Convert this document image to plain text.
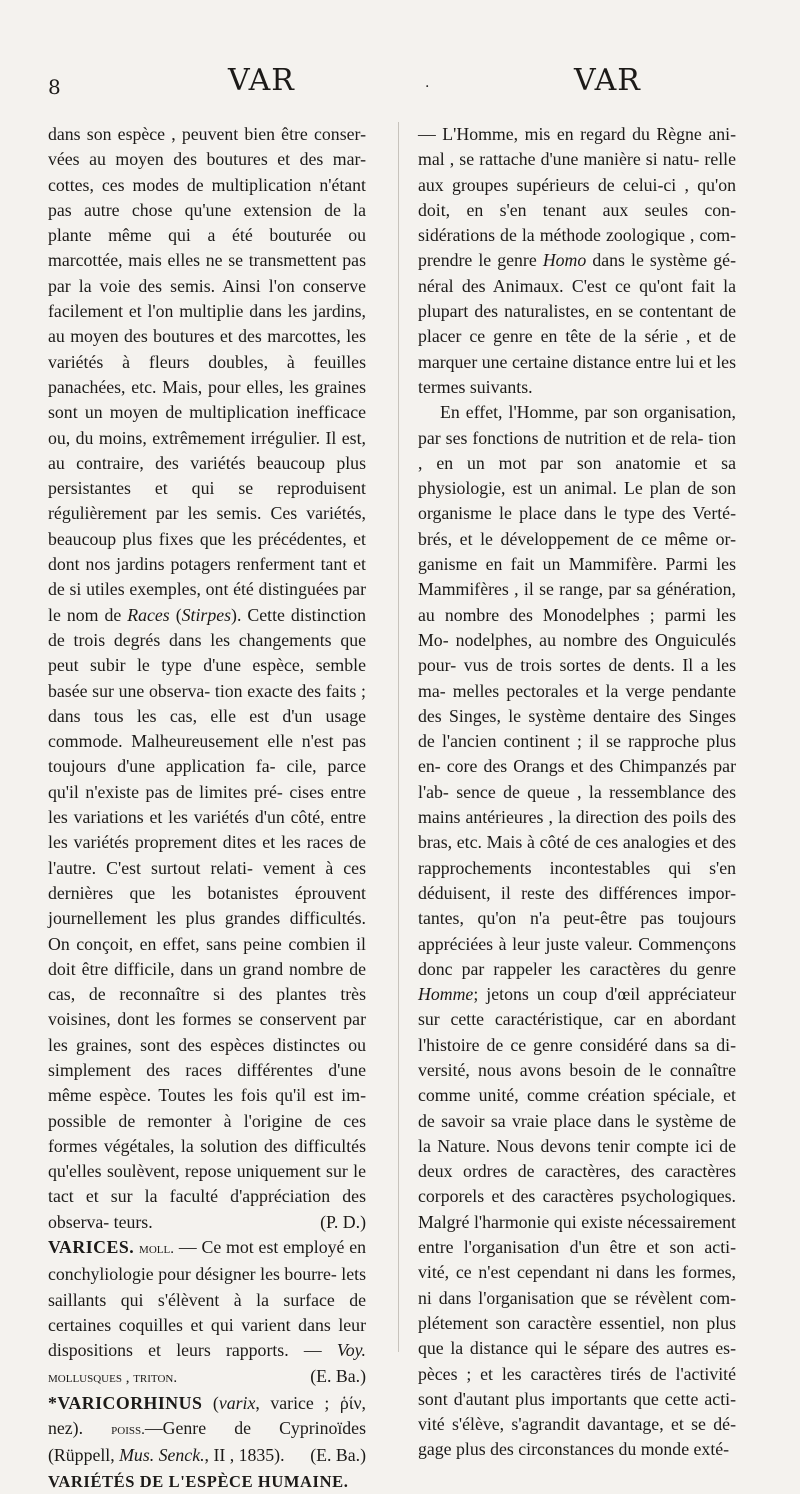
8	VAR	·	VAR

dans son espèce , peuvent bien être conser- vées au moyen des boutures et des mar- cottes, ces modes de multiplication n'étant pas autre chose qu'une extension de la plante même qui a été bouturée ou marcottée, mais elles ne se transmettent pas par la voie des semis. Ainsi l'on conserve facilement et l'on multiplie dans les jardins, au moyen des boutures et des marcottes, les variétés à fleurs doubles, à feuilles panachées, etc. Mais, pour elles, les graines sont un moyen de multiplication inefficace ou, du moins, extrêmement irrégulier. Il est, au contraire, des variétés beaucoup plus persistantes et qui se reproduisent régulièrement par les semis. Ces variétés, beaucoup plus fixes que les précédentes, et dont nos jardins potagers renferment tant et de si utiles exemples, ont été distinguées par le nom de Races (Stirpes). Cette distinction de trois degrés dans les changements que peut subir le type d'une espèce, semble basée sur une observa- tion exacte des faits ; dans tous les cas, elle est d'un usage commode. Malheureusement elle n'est pas toujours d'une application fa- cile, parce qu'il n'existe pas de limites pré- cises entre les variations et les variétés d'un côté, entre les variétés proprement dites et les races de l'autre. C'est surtout relati- vement à ces dernières que les botanistes éprouvent journellement les plus grandes difficultés. On conçoit, en effet, sans peine combien il doit être difficile, dans un grand nombre de cas, de reconnaître si des plantes très voisines, dont les formes se conservent par les graines, sont des espèces distinctes ou simplement des races différentes d'une même espèce. Toutes les fois qu'il est im- possible de remonter à l'origine de ces formes végétales, la solution des difficultés qu'elles soulèvent, repose uniquement sur le tact et sur la faculté d'appréciation des observa- teurs.	(P. D.)

VARICES. moll. — Ce mot est employé en conchyliologie pour désigner les bourre- lets saillants qui s'élèvent à la surface de certaines coquilles et qui varient dans leur dispositions et leurs rapports. — Voy. mollusques , triton.	(E. Ba.)

*VARICORHINUS (varix, varice ; ῥίν, nez). poiss.—Genre de Cyprinoïdes (Rüppell, Mus. Senck., II , 1835). (E. Ba.)

VARIÉTÉS DE L'ESPÈCE HUMAINE.

— L'Homme, mis en regard du Règne ani- mal , se rattache d'une manière si natu- relle aux groupes supérieurs de celui-ci , qu'on doit, en s'en tenant aux seules con- sidérations de la méthode zoologique , com- prendre le genre Homo dans le système gé- néral des Animaux. C'est ce qu'ont fait la plupart des naturalistes, en se contentant de placer ce genre en tête de la série , et de marquer une certaine distance entre lui et les termes suivants.

En effet, l'Homme, par son organisation, par ses fonctions de nutrition et de rela- tion , en un mot par son anatomie et sa physiologie, est un animal. Le plan de son organisme le place dans le type des Verté- brés, et le développement de ce même or- ganisme en fait un Mammifère. Parmi les Mammifères , il se range, par sa génération, au nombre des Monodelphes ; parmi les Mo- nodelphes, au nombre des Onguiculés pour- vus de trois sortes de dents. Il a les ma- melles pectorales et la verge pendante des Singes, le système dentaire des Singes de l'ancien continent ; il se rapproche plus en- core des Orangs et des Chimpanzés par l'ab- sence de queue , la ressemblance des mains antérieures , la direction des poils des bras, etc. Mais à côté de ces analogies et des rapprochements incontestables qui s'en déduisent, il reste des différences impor- tantes, qu'on n'a peut-être pas toujours appréciées à leur juste valeur. Commençons donc par rappeler les caractères du genre Homme; jetons un coup d'œil appréciateur sur cette caractéristique, car en abordant l'histoire de ce genre considéré dans sa di- versité, nous avons besoin de le connaître comme unité, comme création spéciale, et de savoir sa vraie place dans le système de la Nature. Nous devons tenir compte ici de deux ordres de caractères, des caractères corporels et des caractères psychologiques. Malgré l'harmonie qui existe nécessairement entre l'organisation d'un être et son acti- vité, ce n'est cependant ni dans les formes, ni dans l'organisation que se révèlent com- plétement son caractère essentiel, non plus que la distance qui le sépare des autres es- pèces ; et les caractères tirés de l'activité sont d'autant plus importants que cette acti- vité s'élève, s'agrandit davantage, et se dé- gage plus des circonstances du monde exté-
